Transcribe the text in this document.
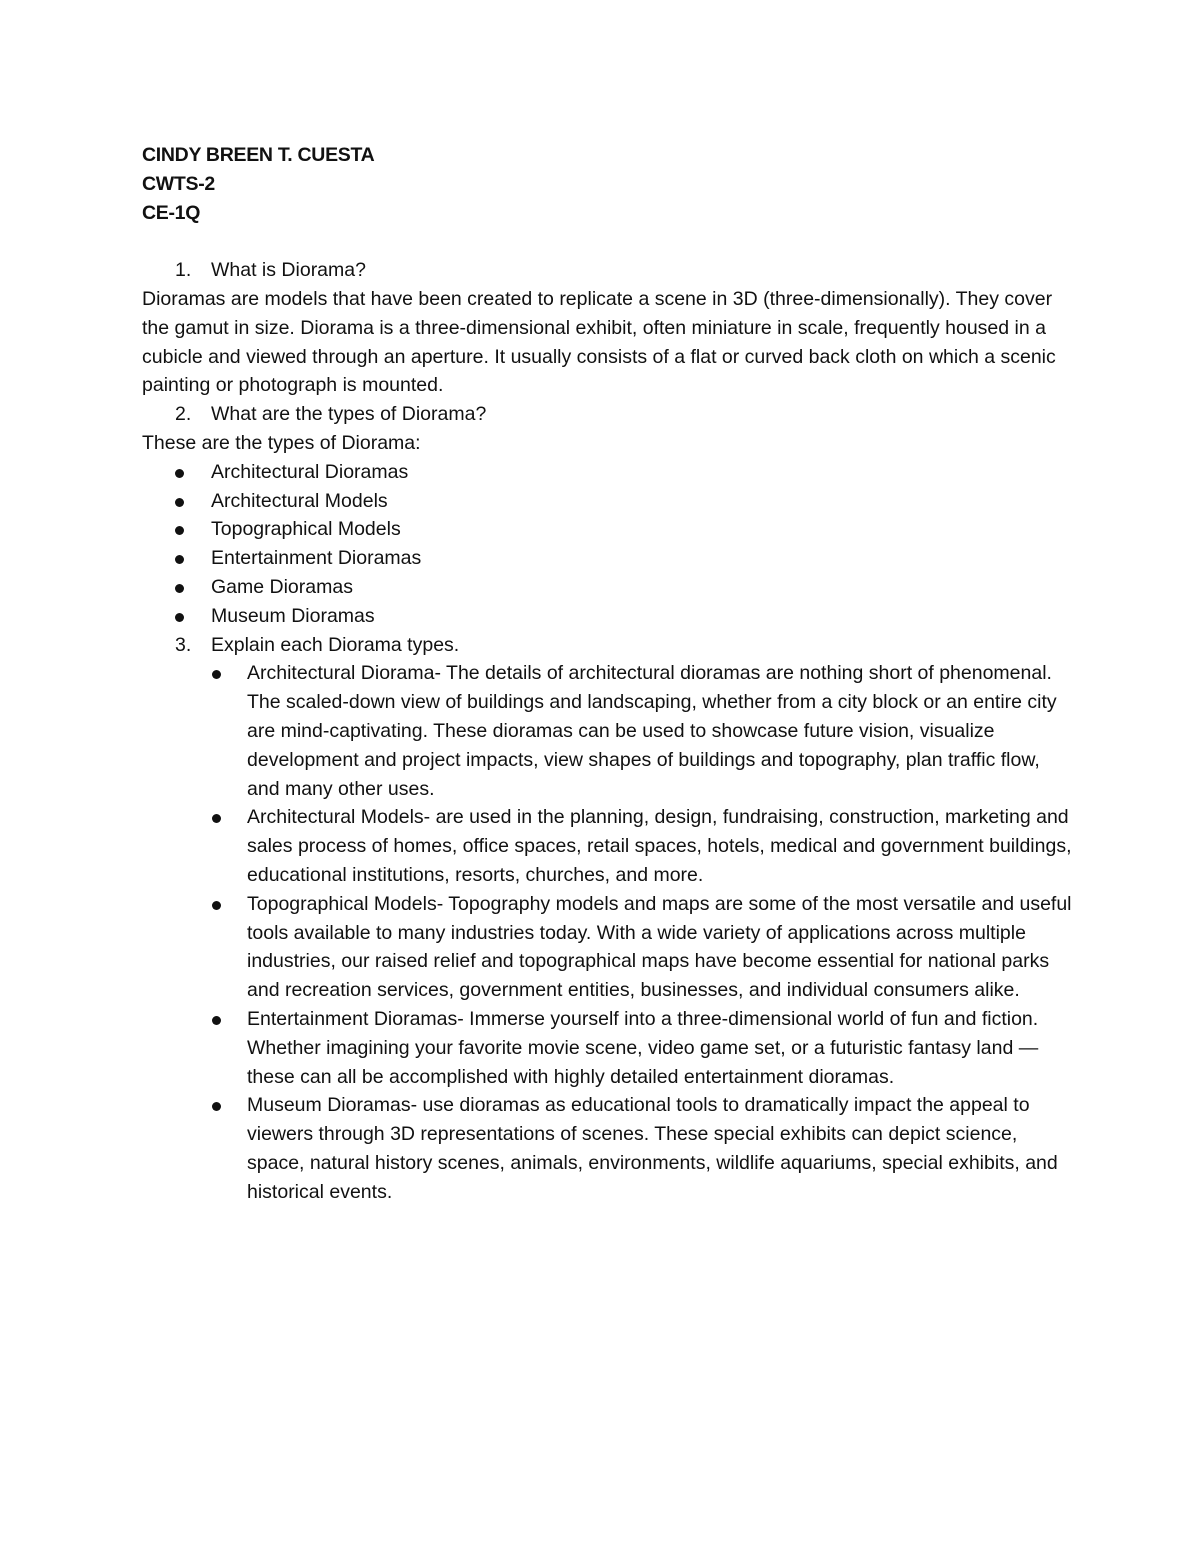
CINDY BREEN T. CUESTA

CWTS-2

CE-1Q

1. What is Diorama?

Dioramas are models that have been created to replicate a scene in 3D (three-dimensionally). They cover the gamut in size. Diorama is a three-dimensional exhibit, often miniature in scale, frequently housed in a cubicle and viewed through an aperture. It usually consists of a flat or curved back cloth on which a scenic painting or photograph is mounted.

2. What are the types of Diorama?

These are the types of Diorama:

Architectural Dioramas
Architectural Models
Topographical Models
Entertainment Dioramas
Game Dioramas
Museum Dioramas

3. Explain each Diorama types.

Architectural Diorama- The details of architectural dioramas are nothing short of phenomenal. The scaled-down view of buildings and landscaping, whether from a city block or an entire city are mind-captivating. These dioramas can be used to showcase future vision, visualize development and project impacts, view shapes of buildings and topography, plan traffic flow, and many other uses.
Architectural Models- are used in the planning, design, fundraising, construction, marketing and sales process of homes, office spaces, retail spaces, hotels, medical and government buildings, educational institutions, resorts, churches, and more.
Topographical Models- Topography models and maps are some of the most versatile and useful tools available to many industries today. With a wide variety of applications across multiple industries, our raised relief and topographical maps have become essential for national parks and recreation services, government entities, businesses, and individual consumers alike.
Entertainment Dioramas- Immerse yourself into a three-dimensional world of fun and fiction. Whether imagining your favorite movie scene, video game set, or a futuristic fantasy land — these can all be accomplished with highly detailed entertainment dioramas.
Museum Dioramas- use dioramas as educational tools to dramatically impact the appeal to viewers through 3D representations of scenes. These special exhibits can depict science, space, natural history scenes, animals, environments, wildlife aquariums, special exhibits, and historical events.
